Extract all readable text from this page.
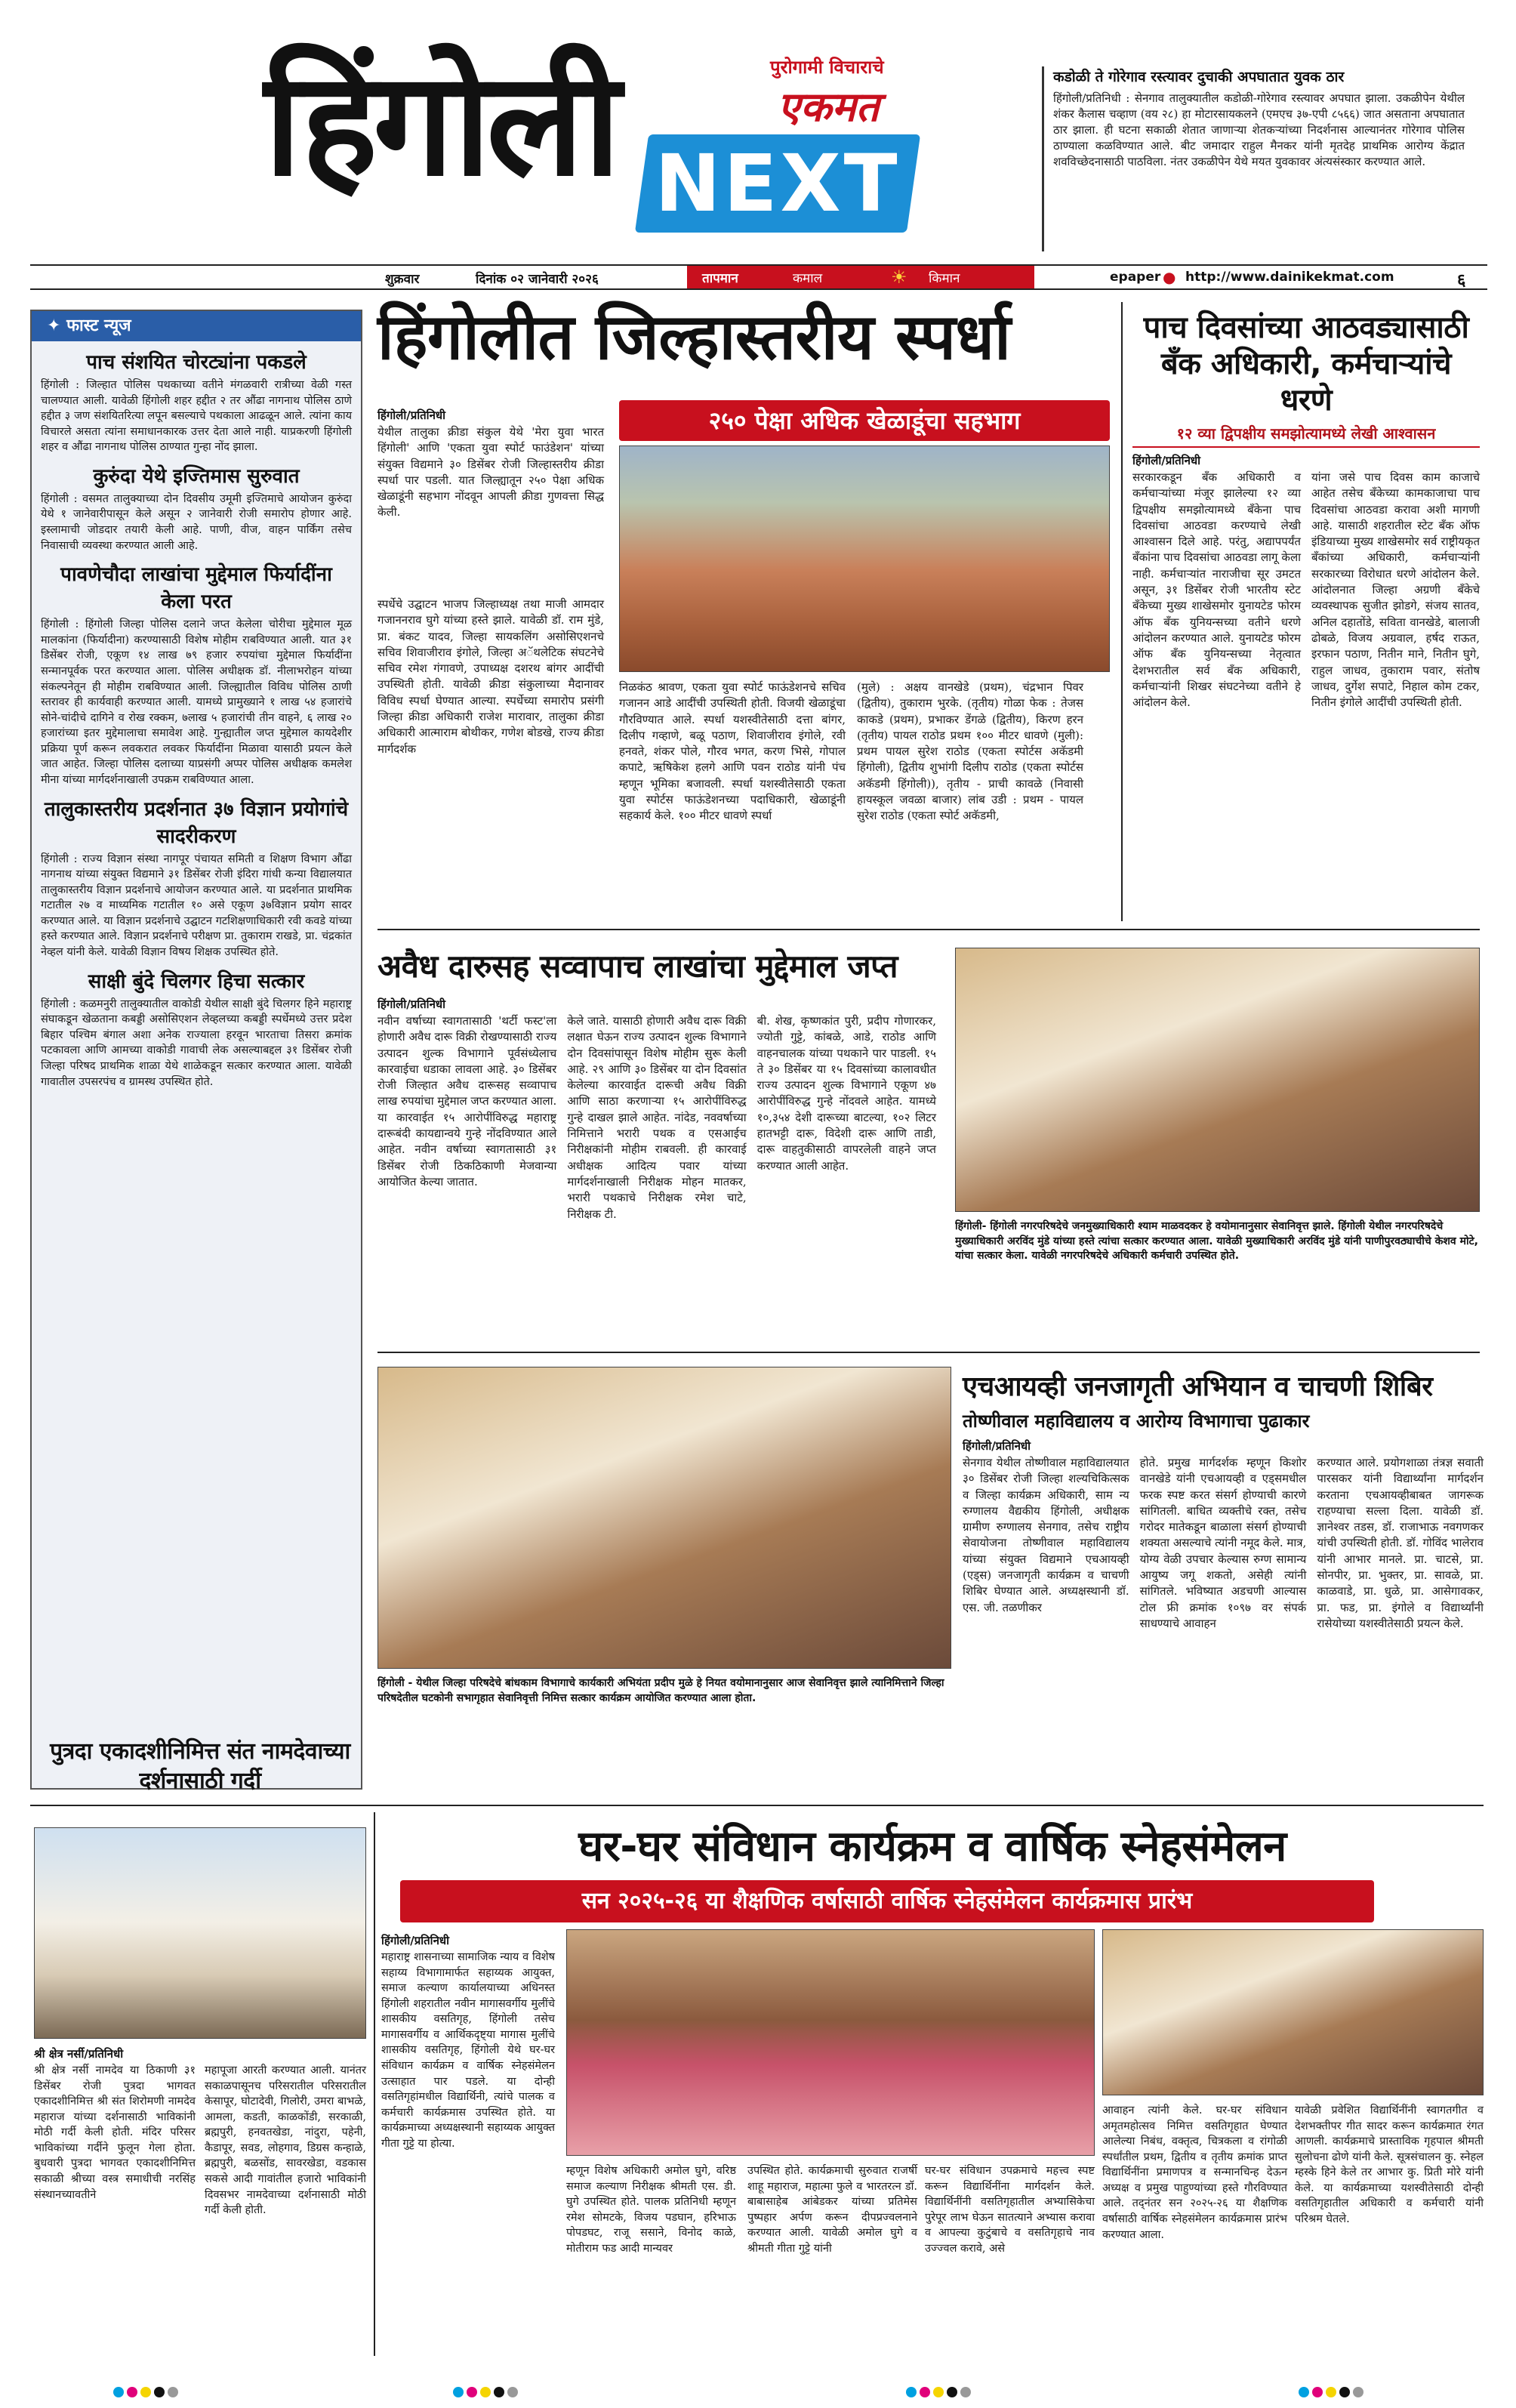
हिंगोली	पुरोगामी विचाराचे
एकमत
NEXT
कडोळी ते गोरेगाव रस्त्यावर दुचाकी अपघातात युवक ठार
हिंगोली/प्रतिनिधी : सेनगाव तालुक्यातील कडोळी-गोरेगाव रस्त्यावर अपघात झाला. उकळीपेन येथील शंकर कैलास चव्हाण (वय २८) हा मोटारसायकलने (एमएच ३७-एपी ८५६६) जात असताना अपघातात ठार झाला. ही घटना सकाळी शेतात जाणाऱ्या शेतकऱ्यांच्या निदर्शनास आल्यानंतर गोरेगाव पोलिस ठाण्याला कळविण्यात आले. बीट जमादार राहुल मैनकर यांनी मृतदेह प्राथमिक आरोग्य केंद्रात शवविच्छेदनासाठी पाठविला. नंतर उकळीपेन येथे मयत युवकावर अंत्यसंस्कार करण्यात आले.
शुक्रवार	दिनांक ०२ जानेवारी २०२६	तापमान	कमाल	☀ किमान	epaper ● http://www.dainikekmat.com	६
✦ फास्ट न्यूज
पाच संशयित चोरट्यांना पकडले
हिंगोली : जिल्हात पोलिस पथकाच्या वतीने मंगळवारी रात्रीच्या वेळी गस्त चालण्यात आली. यावेळी हिंगोली शहर हद्दीत २ तर औंढा नागनाथ पोलिस ठाणे हद्दीत ३ जण संशयितरित्या लपून बसल्याचे पथकाला आढळून आले. त्यांना काय विचारले असता त्यांना समाधानकारक उत्तर देता आले नाही. याप्रकरणी हिंगोली शहर व औंढा नागनाथ पोलिस ठाण्यात गुन्हा नोंद झाला.
कुरुंदा येथे इज्तिमास सुरुवात
हिंगोली : वसमत तालुक्याच्या दोन दिवसीय उमूमी इज्तिमाचे आयोजन कुरुंदा येथे १ जानेवारीपासून केले असून २ जानेवारी रोजी समारोप होणार आहे. इस्लामाची जोडदार तयारी केली आहे. पाणी, वीज, वाहन पार्किंग तसेच निवासाची व्यवस्था करण्यात आली आहे.
पावणेचौदा लाखांचा मुद्देमाल फिर्यादींना केला परत
हिंगोली : हिंगोली जिल्हा पोलिस दलाने जप्त केलेला चोरीचा मुद्देमाल मूळ मालकांना (फिर्यादीना) करण्यासाठी विशेष मोहीम राबविण्यात आली. यात ३१ डिसेंबर रोजी, एकूण १४ लाख ७९ हजार रुपयांचा मुद्देमाल फिर्यादींना सन्मानपूर्वक परत करण्यात आला. पोलिस अधीक्षक डॉ. नीलाभरोहन यांच्या संकल्पनेतून ही मोहीम राबविण्यात आली. जिल्ह्यातील विविध पोलिस ठाणी स्तरावर ही कार्यवाही करण्यात आली. यामध्ये प्रामुख्याने १ लाख ५४ हजारांचे सोने-चांदीचे दागिने व रोख रक्कम, ७लाख ५ हजारांची तीन वाहने, ६ लाख २० हजारांच्या इतर मुद्देमालाचा समावेश आहे. गुन्ह्यातील जप्त मुद्देमाल कायदेशीर प्रक्रिया पूर्ण करून लवकरात लवकर फिर्यादींना मिळावा यासाठी प्रयत्न केले जात आहेत. जिल्हा पोलिस दलाच्या याप्रसंगी अप्पर पोलिस अधीक्षक कमलेश मीना यांच्या मार्गदर्शनाखाली उपक्रम राबविण्यात आला.
तालुकास्तरीय प्रदर्शनात ३७ विज्ञान प्रयोगांचे सादरीकरण
हिंगोली : राज्य विज्ञान संस्था नागपूर पंचायत समिती व शिक्षण विभाग औंढा नागनाथ यांच्या संयुक्त विद्यमाने ३१ डिसेंबर रोजी इंदिरा गांधी कन्या विद्यालयात तालुकास्तरीय विज्ञान प्रदर्शनाचे आयोजन करण्यात आले. या प्रदर्शनात प्राथमिक गटातील २७ व माध्यमिक गटातील १० असे एकूण ३७विज्ञान प्रयोग सादर करण्यात आले. या विज्ञान प्रदर्शनाचे उद्घाटन गटशिक्षणाधिकारी रवी कवडे यांच्या हस्ते करण्यात आले. विज्ञान प्रदर्शनाचे परीक्षण प्रा. तुकाराम राखडे, प्रा. चंद्रकांत नेव्हल यांनी केले. यावेळी विज्ञान विषय शिक्षक उपस्थित होते.
साक्षी बुंदे चिलगर हिचा सत्कार
हिंगोली : कळमनुरी तालुक्यातील वाकोडी येथील साक्षी बुंदे चिलगर हिने महाराष्ट्र संघाकडून खेळताना कबड्डी असोसिएशन लेव्हलच्या कबड्डी स्पर्धेमध्ये उत्तर प्रदेश बिहार पश्चिम बंगाल अशा अनेक राज्याला हरवून भारताचा तिसरा क्रमांक पटकावला आणि आमच्या वाकोडी गावाची लेक असल्याबद्दल ३१ डिसेंबर रोजी जिल्हा परिषद प्राथमिक शाळा येथे शाळेकडून सत्कार करण्यात आला. यावेळी गावातील उपसरपंच व ग्रामस्थ उपस्थित होते.
हिंगोलीत जिल्हास्तरीय स्पर्धा
२५० पेक्षा अधिक खेळाडूंचा सहभाग
हिंगोली/प्रतिनिधी
येथील तालुका क्रीडा संकुल येथे 'मेरा युवा भारत हिंगोली' आणि 'एकता युवा स्पोर्ट फाउंडेशन' यांच्या संयुक्त विद्यमाने ३० डिसेंबर रोजी जिल्हास्तरीय क्रीडा स्पर्धा पार पडली. यात जिल्ह्यातून २५० पेक्षा अधिक खेळाडूंनी सहभाग नोंदवून आपली क्रीडा गुणवत्ता सिद्ध केली.
स्पर्धेचे उद्घाटन भाजप जिल्हाध्यक्ष तथा माजी आमदार गजाननराव घुगे यांच्या हस्ते झाले. यावेळी डॉ. राम मुंडे, प्रा. बंकट यादव, जिल्हा सायकलिंग असोसिएशनचे सचिव शिवाजीराव इंगोले, जिल्हा अॅथलेटिक संघटनेचे सचिव रमेश गंगावणे, उपाध्यक्ष दशरथ बांगर आदींची उपस्थिती होती. यावेळी क्रीडा संकुलाच्या मैदानावर विविध स्पर्धा घेण्यात आल्या. स्पर्धेच्या समारोप प्रसंगी जिल्हा क्रीडा अधिकारी राजेश मारावार, तालुका क्रीडा अधिकारी आत्माराम बोथीकर, गणेश बोडखे, राज्य क्रीडा मार्गदर्शक
निळकंठ श्रावण, एकता युवा स्पोर्ट फाऊंडेशनचे सचिव गजानन आडे आदींची उपस्थिती होती. विजयी खेळाडूंचा गौरविण्यात आले. स्पर्धा यशस्वीतेसाठी दत्ता बांगर, दिलीप गव्हाणे, बळू पठाण, शिवाजीराव इंगोले, रवी हनवते, शंकर पोले, गौरव भगत, करण भिसे, गोपाल कपाटे, ऋषिकेश हलगे आणि पवन राठोड यांनी पंच म्हणून भूमिका बजावली. स्पर्धा यशस्वीतेसाठी एकता युवा स्पोर्टस फाऊंडेशनच्या पदाधिकारी, खेळाडूंनी सहकार्य केले. १०० मीटर धावणे स्पर्धा
(मुले) : अक्षय वानखेडे (प्रथम), चंद्रभान पिवर (द्वितीय), तुकाराम भुरके. (तृतीय) गोळा फेक : तेजस काकडे (प्रथम), प्रभाकर डेंगळे (द्वितीय), किरण हरन (तृतीय) पायल राठोड प्रथम १०० मीटर धावणे (मुली): प्रथम पायल सुरेश राठोड (एकता स्पोर्टस अकॅडमी हिंगोली), द्वितीय शुभांगी दिलीप राठोड (एकता स्पोर्टस अकॅडमी हिंगोली)), तृतीय - प्राची कावळे (निवासी हायस्कूल जवळा बाजार) लांब उडी : प्रथम - पायल सुरेश राठोड (एकता स्पोर्ट अकॅडमी,
पाच दिवसांच्या आठवड्यासाठी बँक अधिकारी, कर्मचाऱ्यांचे धरणे
१२ व्या द्विपक्षीय समझोत्यामध्ये लेखी आश्वासन
हिंगोली/प्रतिनिधी
सरकारकडून बँक अधिकारी व कर्मचाऱ्यांच्या मंजूर झालेल्या १२ व्या द्विपक्षीय समझोत्यामध्ये बँकेना पाच दिवसांचा आठवडा करण्याचे लेखी आश्वासन दिले आहे. परंतु, अद्यापपर्यंत बँकांना पाच दिवसांचा आठवडा लागू केला नाही. कर्मचाऱ्यांत नाराजीचा सूर उमटत असून, ३१ डिसेंबर रोजी भारतीय स्टेट बँकेच्या मुख्य शाखेसमोर युनायटेड फोरम ऑफ बँक युनियन्सच्या वतीने धरणे आंदोलन करण्यात आले. युनायटेड फोरम ऑफ बँक युनियन्सच्या नेतृत्वात देशभरातील सर्व बँक अधिकारी, कर्मचाऱ्यांनी शिखर संघटनेच्या वतीने हे आंदोलन केले.
यांना जसे पाच दिवस काम काजाचे आहेत तसेच बँकेच्या कामकाजाचा पाच दिवसांचा आठवडा करावा अशी मागणी आहे. यासाठी शहरातील स्टेट बँक ऑफ इंडियाच्या मुख्य शाखेसमोर सर्व राष्ट्रीयकृत बँकांच्या अधिकारी, कर्मचाऱ्यांनी सरकारच्या विरोधात धरणे आंदोलन केले. आंदोलनात जिल्हा अग्रणी बँकेचे व्यवस्थापक सुजीत झोडगे, संजय सातव, अनिल दहातोंडे, सविता वानखेडे, बालाजी ढोबळे, विजय अग्रवाल, हर्षद राऊत, इरफान पठाण, नितीन माने, नितीन घुगे, राहुल जाधव, तुकाराम पवार, संतोष जाधव, दुर्गेश सपाटे, निहाल कोम टकर, नितीन इंगोले आदींची उपस्थिती होती.
अवैध दारुसह सव्वापाच लाखांचा मुद्देमाल जप्त
हिंगोली/प्रतिनिधी
नवीन वर्षाच्या स्वागतासाठी 'थर्टी फस्ट'ला होणारी अवैध दारू विक्री रोखण्यासाठी राज्य उत्पादन शुल्क विभागाने पूर्वसंध्येलाच कारवाईचा धडाका लावला आहे. ३० डिसेंबर रोजी जिल्हात अवैध दारूसह सव्वापाच लाख रुपयांचा मुद्देमाल जप्त करण्यात आला. या कारवाईत १५ आरोपींविरुद्ध महाराष्ट्र दारूबंदी कायद्यान्वये गुन्हे नोंदविण्यात आले आहेत. नवीन वर्षाच्या स्वागतासाठी ३१ डिसेंबर रोजी ठिकठिकाणी मेजवान्या आयोजित केल्या जातात.
केले जाते. यासाठी होणारी अवैध दारू विक्री लक्षात घेऊन राज्य उत्पादन शुल्क विभागाने दोन दिवसांपासून विशेष मोहीम सुरू केली आहे. २९ आणि ३० डिसेंबर या दोन दिवसांत केलेल्या कारवाईत दारूची अवैध विक्री आणि साठा करणाऱ्या १५ आरोपींविरुद्ध गुन्हे दाखल झाले आहेत. नांदेड, नववर्षाच्या निमित्ताने भरारी पथक व एसआईच निरीक्षकांनी मोहीम राबवली. ही कारवाई अधीक्षक आदित्य पवार यांच्या मार्गदर्शनाखाली निरीक्षक मोहन मातकर, भरारी पथकाचे निरीक्षक रमेश चाटे, निरीक्षक टी.
बी. शेख, कृष्णकांत पुरी, प्रदीप गोणारकर, ज्योती गुट्टे, कांबळे, आडे, राठोड आणि वाहनचालक यांच्या पथकाने पार पाडली. १५ ते ३० डिसेंबर या १५ दिवसांच्या कालावधीत राज्य उत्पादन शुल्क विभागाने एकूण ४७ आरोपींविरुद्ध गुन्हे नोंदवले आहेत. यामध्ये १०,३५४ देशी दारूच्या बाटल्या, १०२ लिटर हातभट्टी दारू, विदेशी दारू आणि ताडी, दारू वाहतुकीसाठी वापरलेली वाहने जप्त करण्यात आली आहेत.
हिंगोली- हिंगोली नगरपरिषदेचे जनमुख्याधिकारी श्याम माळवदकर हे वयोमानानुसार सेवानिवृत्त झाले. हिंगोली येथील नगरपरिषदेचे मुख्याधिकारी अरविंद मुंडे यांच्या हस्ते त्यांचा सत्कार करण्यात आला. यावेळी मुख्याधिकारी अरविंद मुंडे यांनी पाणीपुरवठ्याचीचे केशव मोटे, यांचा सत्कार केला. यावेळी नगरपरिषदेचे अधिकारी कर्मचारी उपस्थित होते.
हिंगोली - येथील जिल्हा परिषदेचे बांधकाम विभागाचे कार्यकारी अभियंता प्रदीप मुळे हे नियत वयोमानानुसार आज सेवानिवृत्त झाले त्यानिमित्ताने जिल्हा परिषदेतील घटकोनी सभागृहात सेवानिवृत्ती निमित्त सत्कार कार्यक्रम आयोजित करण्यात आला होता.
एचआयव्ही जनजागृती अभियान व चाचणी शिबिर
तोष्णीवाल महाविद्यालय व आरोग्य विभागाचा पुढाकार
हिंगोली/प्रतिनिधी
सेनगाव येथील तोष्णीवाल महाविद्यालयात ३० डिसेंबर रोजी जिल्हा शल्यचिकित्सक व जिल्हा कार्यक्रम अधिकारी, साम न्य रुग्णालय वैद्यकीय हिंगोली, अधीक्षक ग्रामीण रुग्णालय सेनगाव, तसेच राष्ट्रीय सेवायोजना तोष्णीवाल महाविद्यालय यांच्या संयुक्त विद्यमाने एचआयव्ही (एड्स) जनजागृती कार्यक्रम व चाचणी शिबिर घेण्यात आले. अध्यक्षस्थानी डॉ. एस. जी. तळणीकर
होते. प्रमुख मार्गदर्शक म्हणून किशोर वानखेडे यांनी एचआयव्ही व एड्समधील फरक स्पष्ट करत संसर्ग होण्याची कारणे सांगितली. बाधित व्यक्तीचे रक्त, तसेच गरोदर मातेकडून बाळाला संसर्ग होण्याची शक्यता असल्याचे त्यांनी नमूद केले. मात्र, योग्य वेळी उपचार केल्यास रुग्ण सामान्य आयुष्य जगू शकतो, असेही त्यांनी सांगितले. भविष्यात अडचणी आल्यास टोल फ्री क्रमांक १०९७ वर संपर्क साधण्याचे आवाहन
करण्यात आले. प्रयोगशाळा तंत्रज्ञ सवाती पारसकर यांनी विद्यार्थ्यांना मार्गदर्शन करताना एचआयव्हीबाबत जागरूक राहण्याचा सल्ला दिला. यावेळी डॉ. ज्ञानेश्वर तडस, डॉ. राजाभाऊ नवगणकर यांची उपस्थिती होती. डॉ. गोविंद भालेराव यांनी आभार मानले. प्रा. चाटसे, प्रा. सोनपीर, प्रा. भुक्तर, प्रा. सावळे, प्रा. काळवाडे, प्रा. धुळे, प्रा. आसेगावकर, प्रा. फड, प्रा. इंगोले व विद्यार्थ्यांनी रासेयोच्या यशस्वीतेसाठी प्रयत्न केले.
पुत्रदा एकादशीनिमित्त संत नामदेवाच्या दर्शनासाठी गर्दी
श्री क्षेत्र नर्सी/प्रतिनिधी
श्री क्षेत्र नर्सी नामदेव या ठिकाणी ३१ डिसेंबर रोजी पुत्रदा भागवत एकादशीनिमित्त श्री संत शिरोमणी नामदेव महाराज यांच्या दर्शनासाठी भाविकांनी मोठी गर्दी केली होती. मंदिर परिसर भाविकांच्या गर्दीने फुलून गेला होता. बुधवारी पुत्रदा भागवत एकादशीनिमित्त सकाळी श्रीच्या वस्त्र समाधीची नरसिंह संस्थानच्यावतीने
महापूजा आरती करण्यात आली. यानंतर सकाळपासूनच परिसरातील परिसरातील केसापूर, घोटादेवी, गिलोरी, उमरा बाभळे, आमला, कडती, काळकोंडी, सरकाळी, ब्रह्मपुरी, हनवतखेडा, नांदुरा, पहेनी, कैडापूर, सवड, लोहगाव, डिग्रस कन्हाळे, ब्रह्मपुरी, बळसोंड, सावरखेडा, वडकास सकसे आदी गावांतील हजारो भाविकांनी दिवसभर नामदेवाच्या दर्शनासाठी मोठी गर्दी केली होती.
घर-घर संविधान कार्यक्रम व वार्षिक स्नेहसंमेलन
सन २०२५-२६ या शैक्षणिक वर्षासाठी वार्षिक स्नेहसंमेलन कार्यक्रमास प्रारंभ
हिंगोली/प्रतिनिधी
महाराष्ट्र शासनाच्या सामाजिक न्याय व विशेष सहाय्य विभागामार्फत सहाय्यक आयुक्त, समाज कल्याण कार्यालयाच्या अधिनस्त हिंगोली शहरातील नवीन मागासवर्गीय मुलींचे शासकीय वसतिगृह, हिंगोली तसेच मागासवर्गीय व आर्थिकदृष्ट्या मागास मुलींचे शासकीय वसतिगृह, हिंगोली येथे घर-घर संविधान कार्यक्रम व वार्षिक स्नेहसंमेलन उत्साहात पार पडले. या दोन्ही वसतिगृहांमधील विद्यार्थिनी, त्यांचे पालक व कर्मचारी कार्यक्रमास उपस्थित होते. या कार्यक्रमाच्या अध्यक्षस्थानी सहाय्यक आयुक्त गीता गुट्टे या होत्या.
म्हणून विशेष अधिकारी अमोल घुगे, वरिष्ठ समाज कल्याण निरीक्षक श्रीमती एस. डी. घुगे उपस्थित होते. पालक प्रतिनिधी म्हणून रमेश सोमटके, विजय पडघान, हरिभाऊ पोपडघट, राजू ससाने, विनोद काळे, मोतीराम फड आदी मान्यवर
उपस्थित होते. कार्यक्रमाची सुरुवात राजर्षी शाहू महाराज, महात्मा फुले व भारतरत्न डॉ. बाबासाहेब आंबेडकर यांच्या प्रतिमेस पुष्पहार अर्पण करून दीपप्रज्वलनाने करण्यात आली. यावेळी अमोल घुगे व श्रीमती गीता गुट्टे यांनी
घर-घर संविधान उपक्रमाचे महत्त्व स्पष्ट करून विद्यार्थिनींना मार्गदर्शन केले. विद्यार्थिनींनी वसतिगृहातील अभ्यासिकेचा पुरेपूर लाभ घेऊन सातत्याने अभ्यास करावा व आपल्या कुटुंबाचे व वसतिगृहाचे नाव उज्ज्वल करावे, असे
आवाहन त्यांनी केले. घर-घर संविधान अमृतमहोत्सव निमित्त वसतिगृहात घेण्यात आलेल्या निबंध, वक्तृत्व, चित्रकला व रांगोळी स्पर्धांतील प्रथम, द्वितीय व तृतीय क्रमांक प्राप्त विद्यार्थिनींना प्रमाणपत्र व सन्मानचिन्ह देऊन अध्यक्ष व प्रमुख पाहुण्यांच्या हस्ते गौरविण्यात आले. तद्नंतर सन २०२५-२६ या शैक्षणिक वर्षासाठी वार्षिक स्नेहसंमेलन कार्यक्रमास प्रारंभ करण्यात आला.
यावेळी प्रवेशित विद्यार्थिनींनी स्वागतगीत व देशभक्तीपर गीत सादर करून कार्यक्रमात रंगत आणली. कार्यक्रमाचे प्रास्ताविक गृहपाल श्रीमती सुलोचना ढोणे यांनी केले. सूत्रसंचालन कु. स्नेहल म्हस्के हिने केले तर आभार कु. प्रिती मोरे यांनी केले. या कार्यक्रमाच्या यशस्वीतेसाठी दोन्ही वसतिगृहातील अधिकारी व कर्मचारी यांनी परिश्रम घेतले.
